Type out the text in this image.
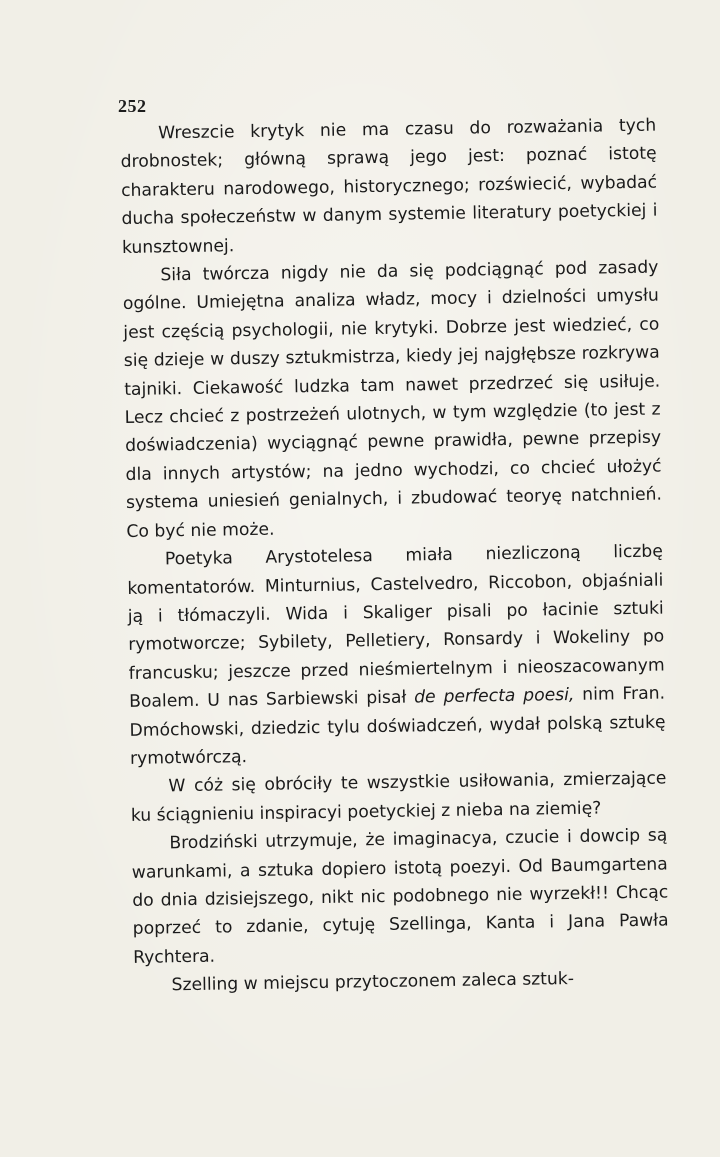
252

Wreszcie krytyk nie ma czasu do rozważania tych drobnostek; główną sprawą jego jest: poznać istotę charakteru narodowego, historycznego; rozświecić, wybadać ducha społeczeństw w danym systemie literatury poetyckiej i kunsztownej.

Siła twórcza nigdy nie da się podciągnąć pod zasady ogólne. Umiejętna analiza władz, mocy i dzielności umysłu jest częścią psychologii, nie krytyki. Dobrze jest wiedzieć, co się dzieje w duszy sztukmistrza, kiedy jej najgłębsze rozkrywa tajniki. Ciekawość ludzka tam nawet przedrzeć się usiłuje. Lecz chcieć z postrzeżeń ulotnych, w tym względzie (to jest z doświadczenia) wyciągnąć pewne prawidła, pewne przepisy dla innych artystów; na jedno wychodzi, co chcieć ułożyć systema uniesień genialnych, i zbudować teoryę natchnień. Co być nie może.

Poetyka Arystotelesa miała niezliczoną liczbę komentatorów. Minturnius, Castelvedro, Riccobon, objaśniali ją i tłómaczyli. Wida i Skaliger pisali po łacinie sztuki rymotworcze; Sybilety, Pelletiery, Ronsardy i Wokeliny po francusku; jeszcze przed nieśmiertelnym i nieoszacowanym Boalem. U nas Sarbiewski pisał de perfecta poesi, nim Fran. Dmóchowski, dziedzic tylu doświadczeń, wydał polską sztukę rymotwórczą.

W cóż się obróciły te wszystkie usiłowania, zmierzające ku ściągnieniu inspiracyi poetyckiej z nieba na ziemię?

Brodziński utrzymuje, że imaginacya, czucie i dowcip są warunkami, a sztuka dopiero istotą poezyi. Od Baumgartena do dnia dzisiejszego, nikt nic podobnego nie wyrzekł!! Chcąc poprzeć to zdanie, cytuję Szellinga, Kanta i Jana Pawła Rychtera.

Szelling w miejscu przytoczonem zaleca sztuk-
